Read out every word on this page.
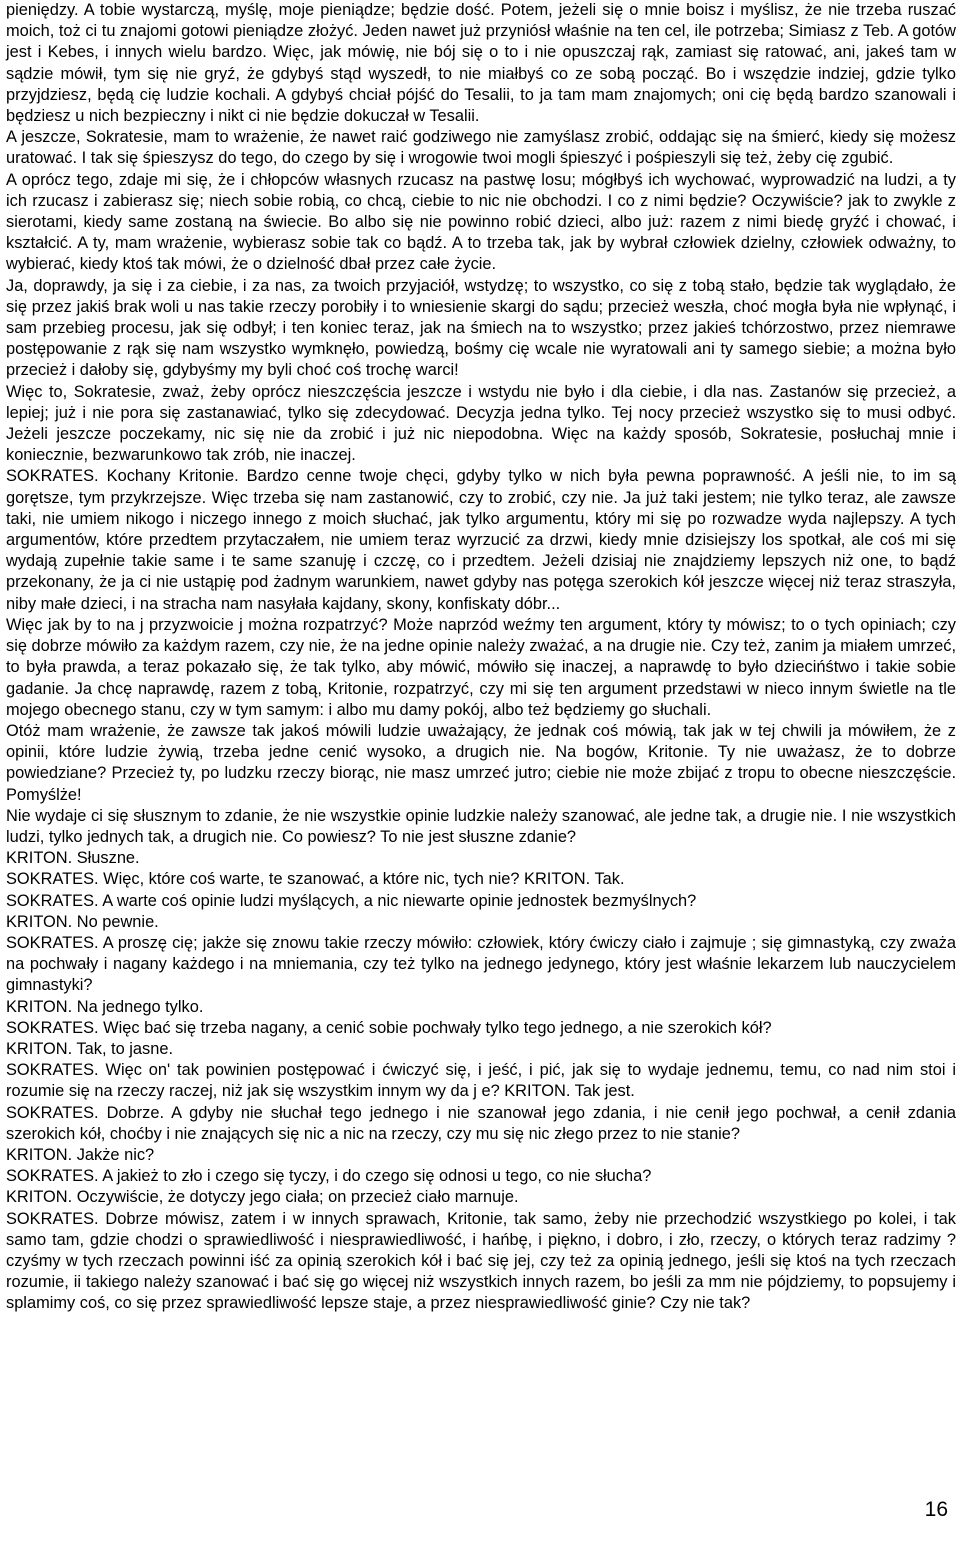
pieniędzy. A tobie wystarczą, myślę, moje pieniądze; będzie dość. Potem, jeżeli się o mnie boisz i myślisz, że nie trzeba ruszać moich, toż ci tu znajomi gotowi pieniądze złożyć. Jeden nawet już przyniósł właśnie na ten cel, ile potrzeba; Simiasz z Teb. A gotów jest i Kebes, i innych wielu bardzo. Więc, jak mówię, nie bój się o to i nie opuszczaj rąk, zamiast się ratować, ani, jakeś tam w sądzie mówił, tym się nie gryź, że gdybyś stąd wyszedł, to nie miałbyś co ze sobą począć. Bo i wszędzie indziej, gdzie tylko przyjdziesz, będą cię ludzie kochali. A gdybyś chciał pójść do Tesalii, to ja tam mam znajomych; oni cię będą bardzo szanowali i będziesz u nich bezpieczny i nikt ci nie będzie dokuczał w Tesalii.

A jeszcze, Sokratesie, mam to wrażenie, że nawet raić godziwego nie zamyślasz zrobić, oddając się na śmierć, kiedy się możesz uratować. I tak się śpieszysz do tego, do czego by się i wrogowie twoi mogli śpieszyć i pośpieszyli się też, żeby cię zgubić.

A oprócz tego, zdaje mi się, że i chłopców własnych rzucasz na pastwę losu; mógłbyś ich wychować, wyprowadzić na ludzi, a ty ich rzucasz i zabierasz się; niech sobie robią, co chcą, ciebie to nic nie obchodzi. I co z nimi będzie? Oczywiście? jak to zwykle z sierotami, kiedy same zostaną na świecie. Bo albo się nie powinno robić dzieci, albo już: razem z nimi biedę gryźć i chować, i kształcić. A ty, mam wrażenie, wybierasz sobie tak co bądź. A to trzeba tak, jak by wybrał człowiek dzielny, człowiek odważny, to wybierać, kiedy ktoś tak mówi, że o dzielność dbał przez całe życie.

Ja, doprawdy, ja się i za ciebie, i za nas, za twoich przyjaciół, wstydzę; to wszystko, co się z tobą stało, będzie tak wyglądało, że się przez jakiś brak woli u nas takie rzeczy porobiły i to wniesienie skargi do sądu; przecież weszła, choć mogła była nie wpłynąć, i sam przebieg procesu, jak się odbył; i ten koniec teraz, jak na śmiech na to wszystko; przez jakieś tchórzostwo, przez niemrawe postępowanie z rąk się nam wszystko wymknęło, powiedzą, bośmy cię wcale nie wyratowali ani ty samego siebie; a można było przecież i dałoby się, gdybyśmy my byli choć coś trochę warci!

Więc to, Sokratesie, zważ, żeby oprócz nieszczęścia jeszcze i wstydu nie było i dla ciebie, i dla nas. Zastanów się przecież, a lepiej; już i nie pora się zastanawiać, tylko się zdecydować. Decyzja jedna tylko. Tej nocy przecież wszystko się to musi odbyć. Jeżeli jeszcze poczekamy, nic się nie da zrobić i już nic niepodobna. Więc na każdy sposób, Sokratesie, posłuchaj mnie i koniecznie, bezwarunkowo tak zrób, nie inaczej.

SOKRATES. Kochany Kritonie. Bardzo cenne twoje chęci, gdyby tylko w nich była pewna poprawność. A jeśli nie, to im są gorętsze, tym przykrzejsze. Więc trzeba się nam zastanowić, czy to zrobić, czy nie. Ja już taki jestem; nie tylko teraz, ale zawsze taki, nie umiem nikogo i niczego innego z moich słuchać, jak tylko argumentu, który mi się po rozwadze wyda najlepszy. A tych argumentów, które przedtem przytaczałem, nie umiem teraz wyrzucić za drzwi, kiedy mnie dzisiejszy los spotkał, ale coś mi się wydają zupełnie takie same i te same szanuję i czczę, co i przedtem. Jeżeli dzisiaj nie znajdziemy lepszych niż one, to bądź przekonany, że ja ci nie ustąpię pod żadnym warunkiem, nawet gdyby nas potęga szerokich kół jeszcze więcej niż teraz straszyła, niby małe dzieci, i na stracha nam nasyłała kajdany, skony, konfiskaty dóbr...

Więc jak by to na j przyzwoicie j można rozpatrzyć? Może naprzód weźmy ten argument, który ty mówisz; to o tych opiniach; czy się dobrze mówiło za każdym razem, czy nie, że na jedne opinie należy zważać, a na drugie nie. Czy też, zanim ja miałem umrzeć, to była prawda, a teraz pokazało się, że tak tylko, aby mówić, mówiło się inaczej, a naprawdę to było dziecińśtwo i takie sobie gadanie. Ja chcę naprawdę, razem z tobą, Kritonie, rozpatrzyć, czy mi się ten argument przedstawi w nieco innym świetle na tle mojego obecnego stanu, czy w tym samym: i albo mu damy pokój, albo też będziemy go słuchali.

Otóż mam wrażenie, że zawsze tak jakoś mówili ludzie uważający, że jednak coś mówią, tak jak w tej chwili ja mówiłem, że z opinii, które ludzie żywią, trzeba jedne cenić wysoko, a drugich nie. Na bogów, Kritonie. Ty nie uważasz, że to dobrze powiedziane? Przecież ty, po ludzku rzeczy biorąc, nie masz umrzeć jutro; ciebie nie może zbijać z tropu to obecne nieszczęście. Pomyślże!

Nie wydaje ci się słusznym to zdanie, że nie wszystkie opinie ludzkie należy szanować, ale jedne tak, a drugie nie. I nie wszystkich ludzi, tylko jednych tak, a drugich nie. Co powiesz? To nie jest słuszne zdanie?

KRITON. Słuszne.

SOKRATES. Więc, które coś warte, te szanować, a które nic, tych nie? KRITON. Tak.

SOKRATES. A warte coś opinie ludzi myślących, a nic niewarte opinie jednostek bezmyślnych?

KRITON. No pewnie.

SOKRATES. A proszę cię; jakże się znowu takie rzeczy mówiło: człowiek, który ćwiczy ciało i zajmuje ; się gimnastyką, czy zważa na pochwały i nagany każdego i na mniemania, czy też tylko na jednego jedynego, który jest właśnie lekarzem lub nauczycielem gimnastyki?

KRITON. Na jednego tylko.

SOKRATES. Więc bać się trzeba nagany, a cenić sobie pochwały tylko tego jednego, a nie szerokich kół?

KRITON. Tak, to jasne.

SOKRATES. Więc on' tak powinien postępować i ćwiczyć się, i jeść, i pić, jak się to wydaje jednemu, temu, co nad nim stoi i rozumie się na rzeczy raczej, niż jak się wszystkim innym wy da j e? KRITON. Tak jest.

SOKRATES. Dobrze. A gdyby nie słuchał tego jednego i nie szanował jego zdania, i nie cenił jego pochwał, a cenił zdania szerokich kół, choćby i nie znających się nic a nic na rzeczy, czy mu się nic złego przez to nie stanie?

KRITON. Jakże nic?

SOKRATES. A jakież to zło i czego się tyczy, i do czego się odnosi u tego, co nie słucha?

KRITON. Oczywiście, że dotyczy jego ciała; on przecież ciało marnuje.

SOKRATES. Dobrze mówisz, zatem i w innych sprawach, Kritonie, tak samo, żeby nie przechodzić wszystkiego po kolei, i tak samo tam, gdzie chodzi o sprawiedliwość i niesprawiedliwość, i hańbę, i piękno, i dobro, i zło, rzeczy, o których teraz radzimy ? czyśmy w tych rzeczach powinni iść za opinią szerokich kół i bać się jej, czy też za opinią jednego, jeśli się ktoś na tych rzeczach rozumie, ii takiego należy szanować i bać się go więcej niż wszystkich innych razem, bo jeśli za mm nie pójdziemy, to popsujemy i splamimy coś, co się przez sprawiedliwość lepsze staje, a przez niesprawiedliwość ginie? Czy nie tak?

16
